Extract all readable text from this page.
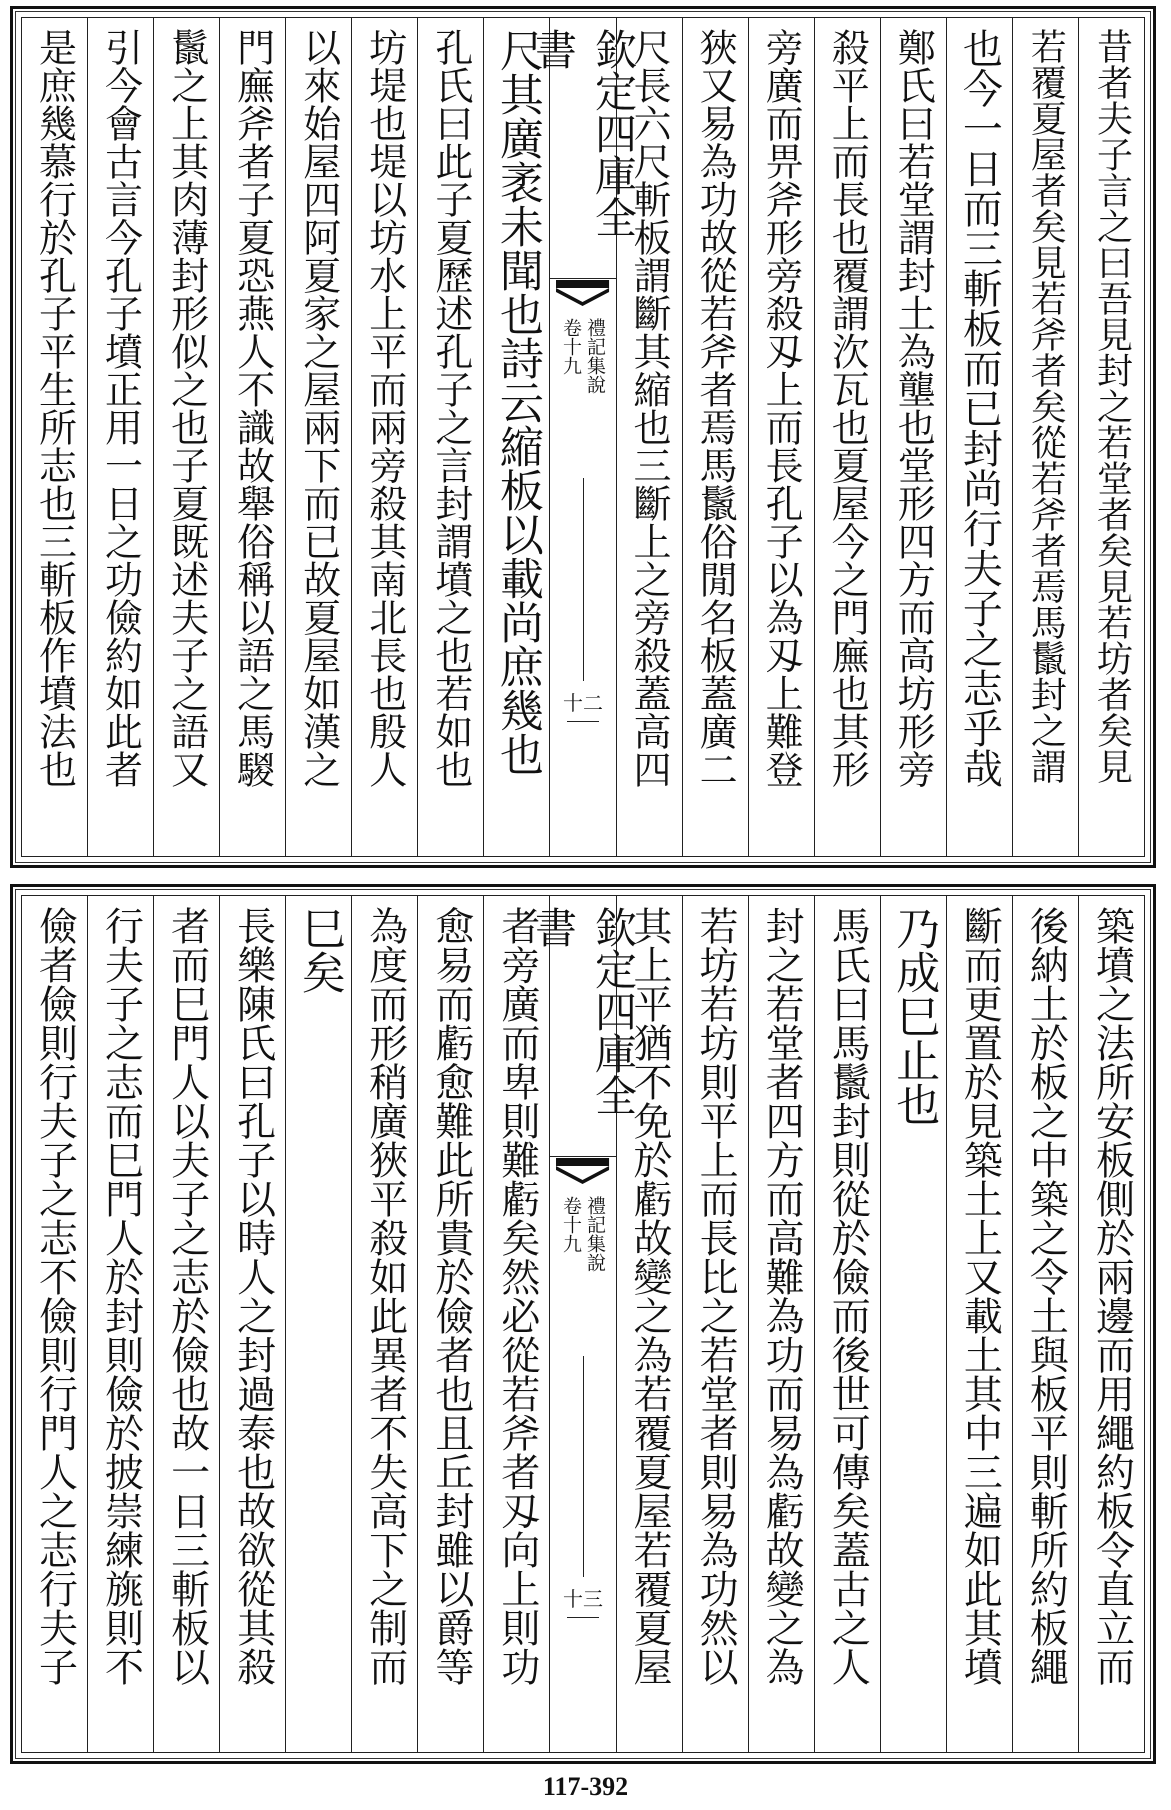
昔者夫子言之曰吾見封之若堂者矣見若坊者矣見
若覆夏屋者矣見若斧者矣從若斧者焉馬鬛封之謂
也今一日而三斬板而已封尚行夫子之志乎哉
鄭氏曰若堂謂封土為壟也堂形四方而高坊形旁
殺平上而長也覆謂㳄瓦也夏屋今之門廡也其形
旁廣而畀斧形旁殺刄上而長孔子以為刄上難登
狹又易為功故從若斧者焉馬鬛俗閒名板蓋廣二
尺長六尺斬板謂斷其縮也三斷上之旁殺蓋高四
欽定四庫全書
禮記集說
卷十九
十二
尺其廣袤未聞也詩云縮板以載尚庶幾也
孔氏曰此子夏歷述孔子之言封謂墳之也若如也
坊堤也堤以坊水上平而兩旁殺其南北長也殷人
以來始屋四阿夏家之屋兩下而已故夏屋如漢之
門廡斧者子夏恐燕人不識故舉俗稱以語之馬騣
鬛之上其肉薄封形似之也子夏既述夫子之語又
引今會古言今孔子墳正用一日之功儉約如此者
是庶幾慕行於孔子平生所志也三斬板作墳法也
築墳之法所安板側於兩邊而用繩約板令直立而
後納土於板之中築之令土與板平則斬所約板繩
斷而更置於見築土上又載土其中三遍如此其墳
乃成巳止也
馬氏曰馬鬛封則從於儉而後世可傳矣蓋古之人
封之若堂者四方而高難為功而易為虧故變之為
若坊若坊則平上而長比之若堂者則易為功然以
其上平猶不免於虧故變之為若覆夏屋若覆夏屋
欽定四庫全書
禮記集說
卷十九
十三
者旁廣而卑則難虧矣然必從若斧者刄向上則功
愈易而虧愈難此所貴於儉者也且丘封雖以爵等
為度而形稍廣狹平殺如此異者不失高下之制而
巳矣
長樂陳氏曰孔子以時人之封過泰也故欲從其殺
者而巳門人以夫子之志於儉也故一日三斬板以
行夫子之志而巳門人於封則儉於披崇練旐則不
儉者儉則行夫子之志不儉則行門人之志行夫子
117-392
